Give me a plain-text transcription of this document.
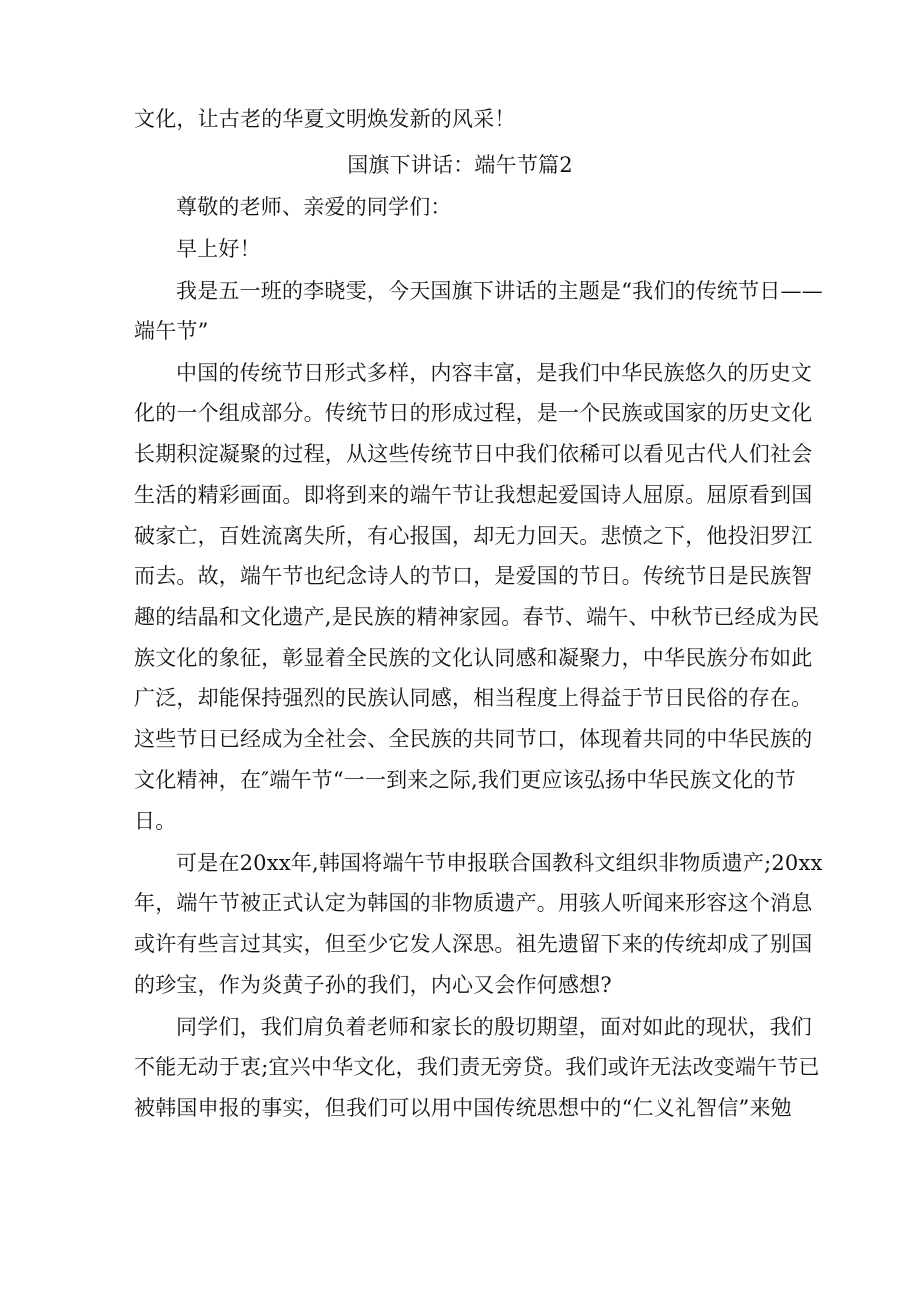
文化，让古老的华夏文明焕发新的风采！
国旗下讲话：端午节篇2
尊敬的老师、亲爱的同学们：
早上好！
我是五一班的李晓雯，今天国旗下讲话的主题是“我们的传统节日——
端午节”
中国的传统节日形式多样，内容丰富，是我们中华民族悠久的历史文
化的一个组成部分。传统节日的形成过程，是一个民族或国家的历史文化
长期积淀凝聚的过程，从这些传统节日中我们依稀可以看见古代人们社会
生活的精彩画面。即将到来的端午节让我想起爱国诗人屈原。屈原看到国
破家亡，百姓流离失所，有心报国，却无力回天。悲愤之下，他投汨罗江
而去。故，端午节也纪念诗人的节口，是爱国的节日。传统节日是民族智
趣的结晶和文化遗产,是民族的精神家园。春节、端午、中秋节已经成为民
族文化的象征，彰显着全民族的文化认同感和凝聚力，中华民族分布如此
广泛，却能保持强烈的民族认同感，相当程度上得益于节日民俗的存在。
这些节日已经成为全社会、全民族的共同节口，体现着共同的中华民族的
文化精神，在″端午节“一一到来之际,我们更应该弘扬中华民族文化的节
日。
可是在20xx年,韩国将端午节申报联合国教科文组织非物质遗产;20xx
年，端午节被正式认定为韩国的非物质遗产。用骇人听闻来形容这个消息
或许有些言过其实，但至少它发人深思。祖先遗留下来的传统却成了别国
的珍宝，作为炎黄子孙的我们，内心又会作何感想?
同学们，我们肩负着老师和家长的殷切期望，面对如此的现状，我们
不能无动于衷;宜兴中华文化，我们责无旁贷。我们或许无法改变端午节已
被韩国申报的事实，但我们可以用中国传统思想中的“仁义礼智信”来勉
